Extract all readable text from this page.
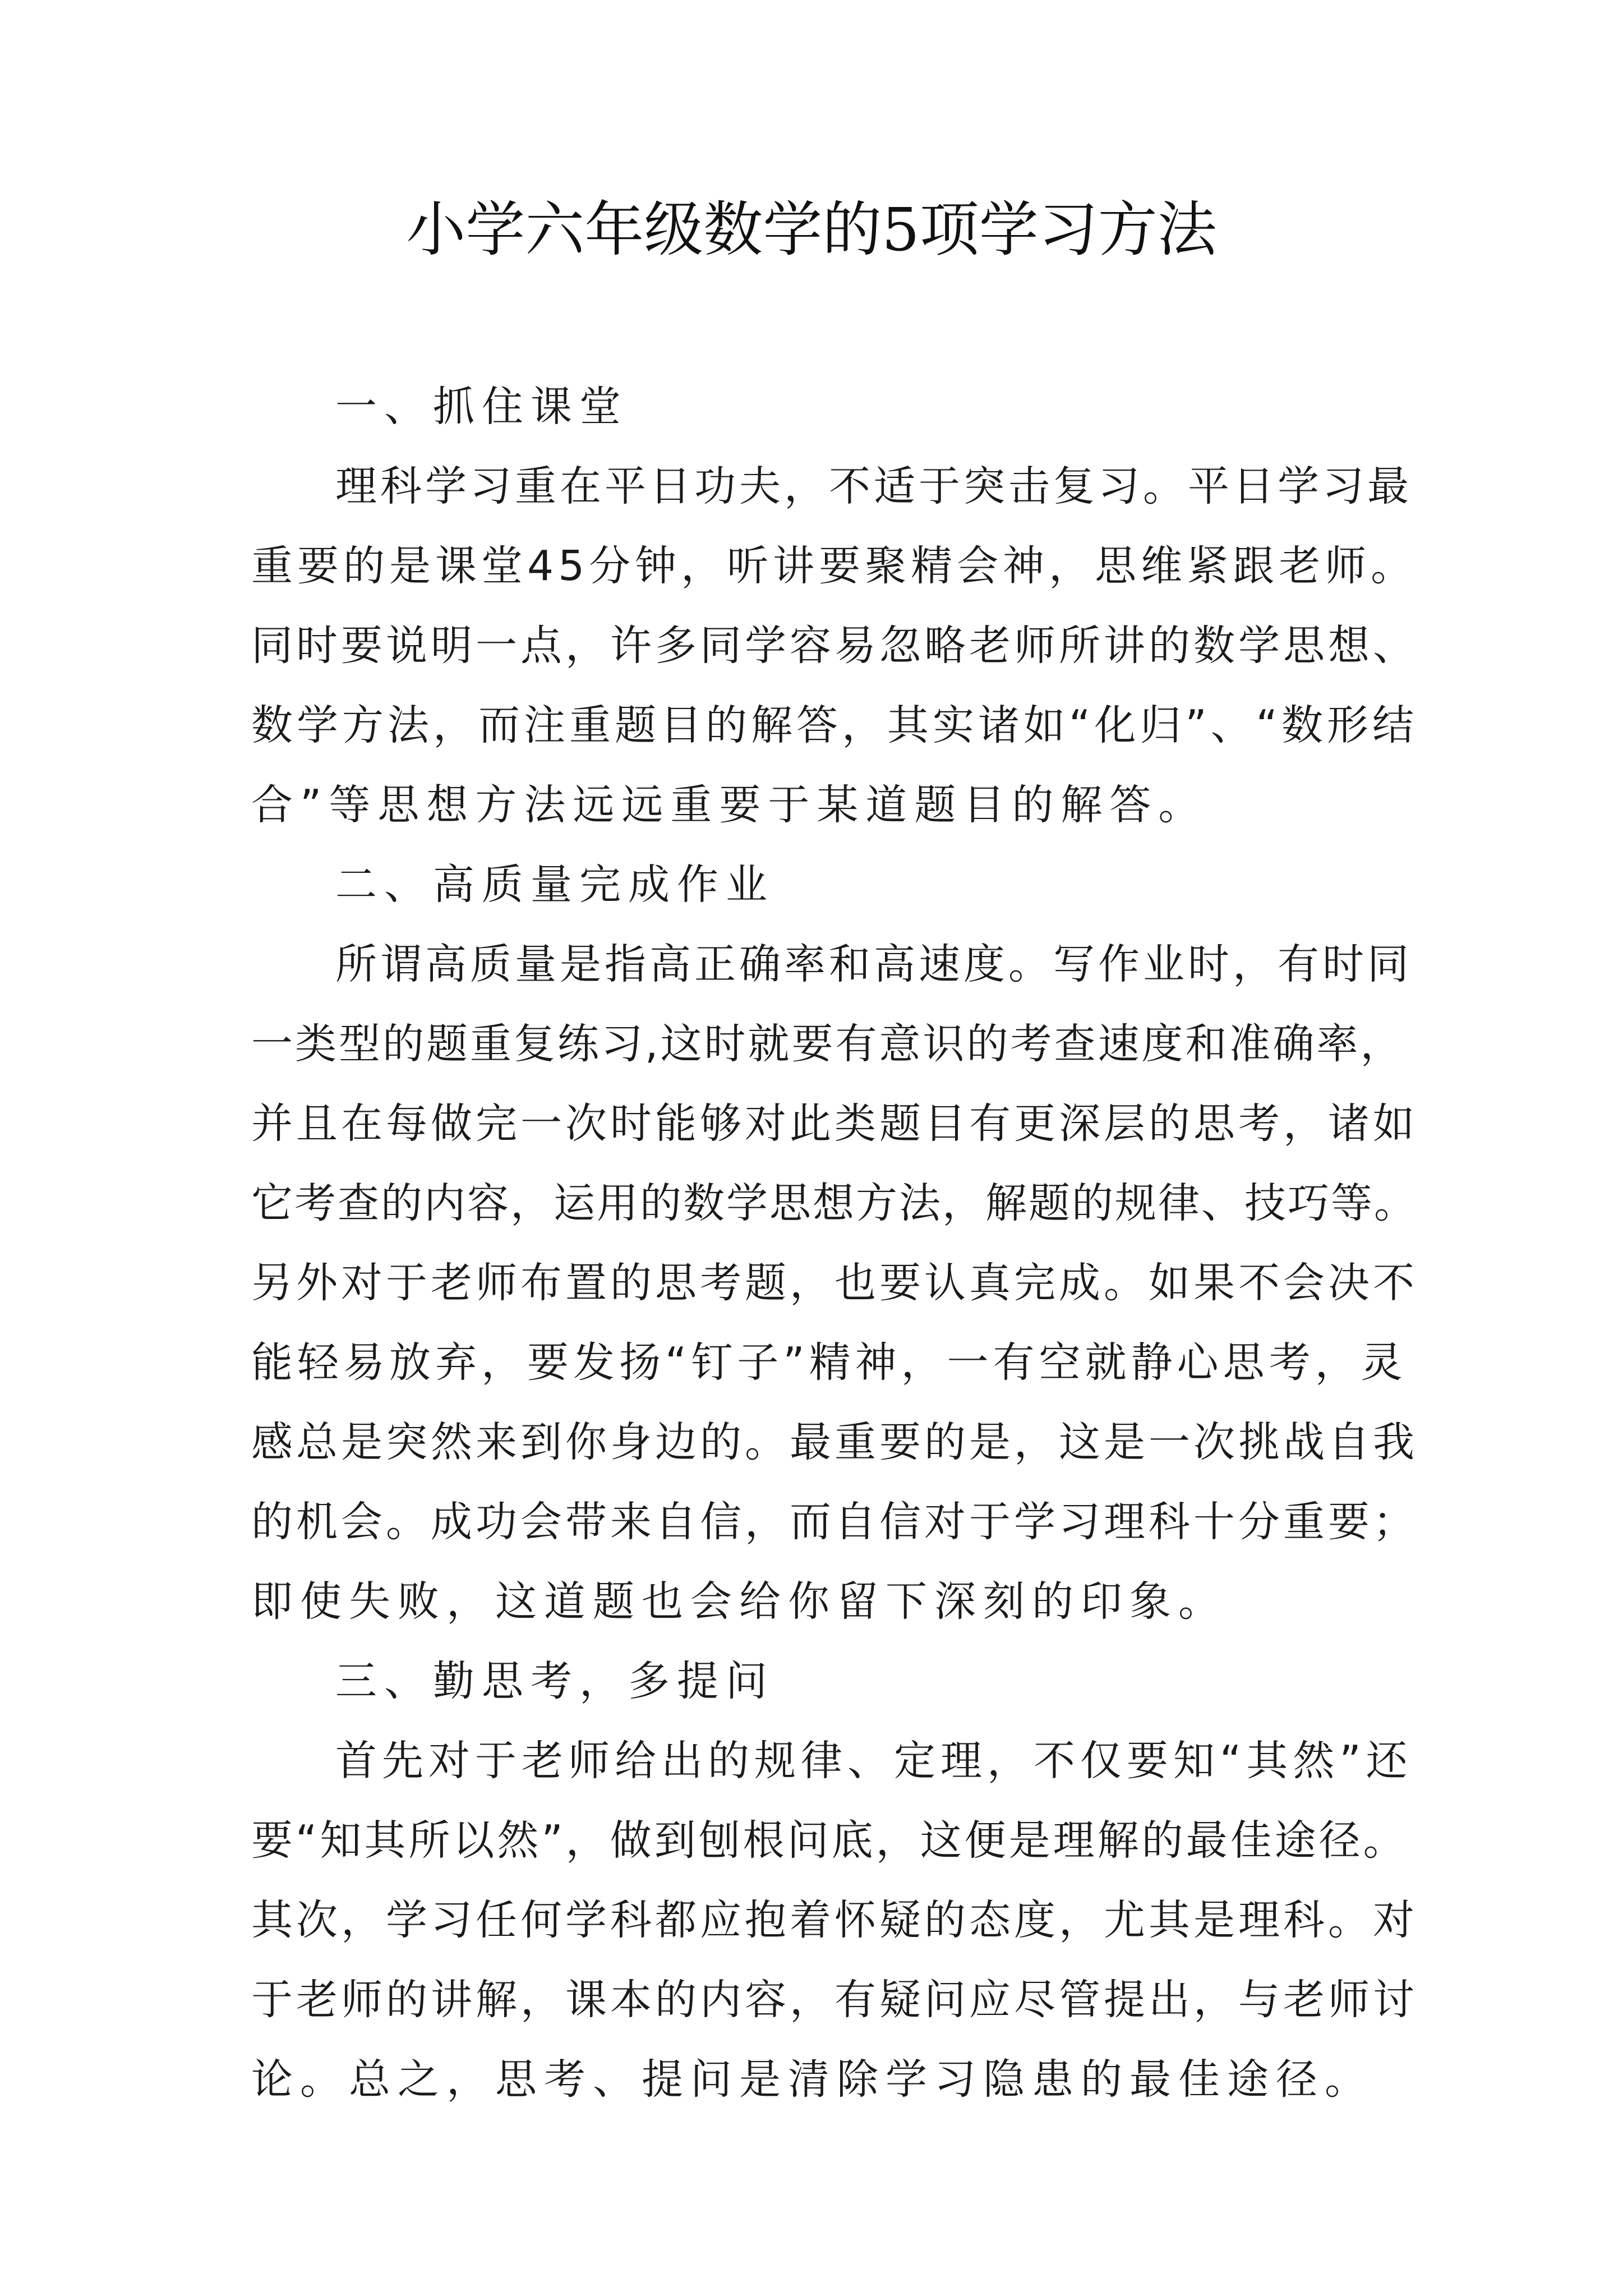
小学六年级数学的5项学习方法
一、抓住课堂
理科学习重在平日功夫，不适于突击复习。平日学习最
重要的是课堂45分钟，听讲要聚精会神，思维紧跟老师。
同时要说明一点，许多同学容易忽略老师所讲的数学思想、
数学方法，而注重题目的解答，其实诸如“化归”、“数形结
合”等思想方法远远重要于某道题目的解答。
二、高质量完成作业
所谓高质量是指高正确率和高速度。写作业时，有时同
一类型的题重复练习,这时就要有意识的考查速度和准确率，
并且在每做完一次时能够对此类题目有更深层的思考，诸如
它考查的内容，运用的数学思想方法，解题的规律、技巧等。
另外对于老师布置的思考题，也要认真完成。如果不会决不
能轻易放弃，要发扬“钉子”精神，一有空就静心思考，灵
感总是突然来到你身边的。最重要的是，这是一次挑战自我
的机会。成功会带来自信，而自信对于学习理科十分重要；
即使失败，这道题也会给你留下深刻的印象。
三、勤思考，多提问
首先对于老师给出的规律、定理，不仅要知“其然”还
要“知其所以然”，做到刨根问底，这便是理解的最佳途径。
其次，学习任何学科都应抱着怀疑的态度，尤其是理科。对
于老师的讲解，课本的内容，有疑问应尽管提出，与老师讨
论。总之，思考、提问是清除学习隐患的最佳途径。
